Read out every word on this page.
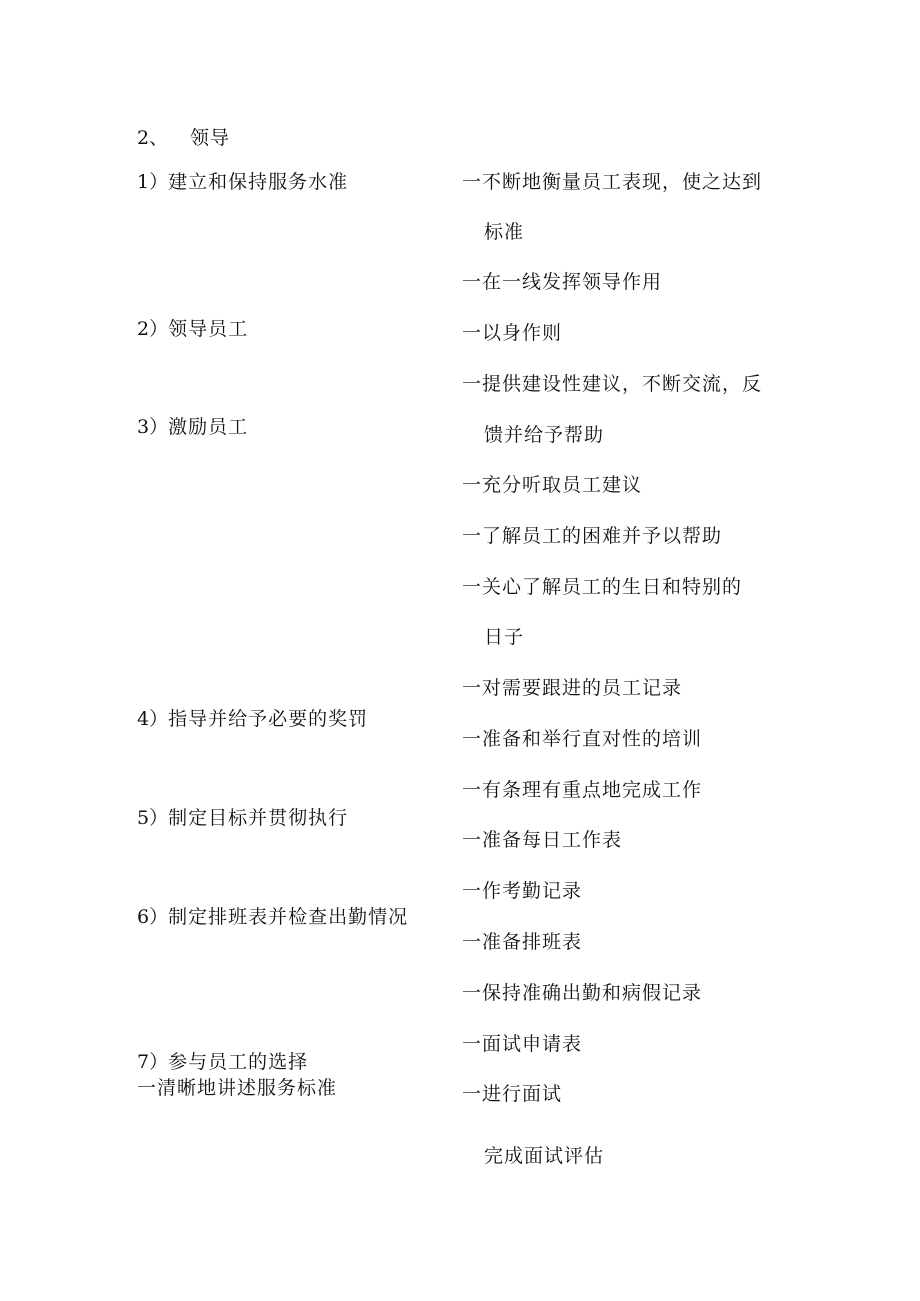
2、 领导
1）建立和保持服务水准
2）领导员工
3）激励员工
4）指导并给予必要的奖罚
5）制定目标并贯彻执行
6）制定排班表并检查出勤情况
7）参与员工的选择
一清晰地讲述服务标准
一不断地衡量员工表现，使之达到
标准
一在一线发挥领导作用
一以身作则
一提供建设性建议，不断交流，反
馈并给予帮助
一充分听取员工建议
一了解员工的困难并予以帮助
一关心了解员工的生日和特别的
日子
一对需要跟进的员工记录
一准备和举行直对性的培训
一有条理有重点地完成工作
一准备每日工作表
一作考勤记录
一准备排班表
一保持准确出勤和病假记录
一面试申请表
一进行面试
完成面试评估
